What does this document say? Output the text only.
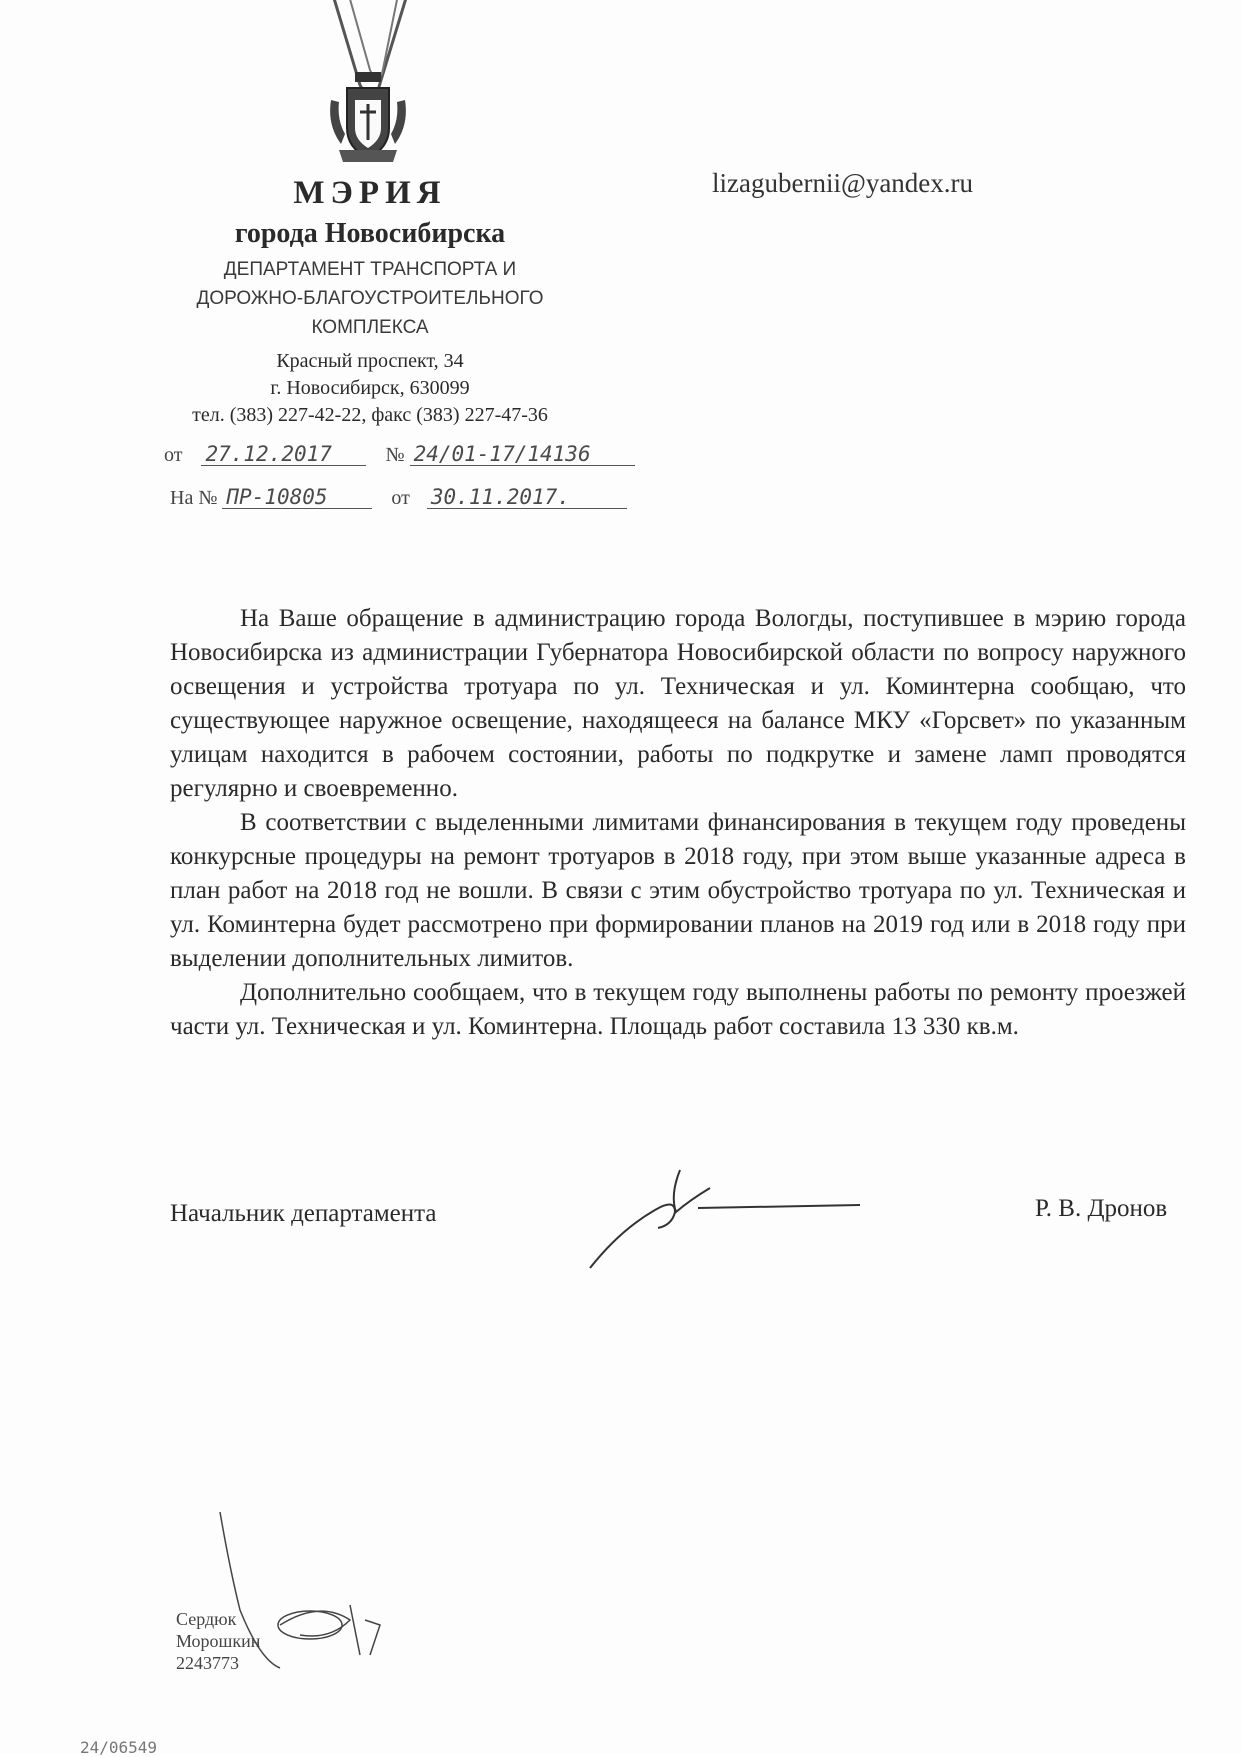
МЭРИЯ
города Новосибирска
ДЕПАРТАМЕНТ ТРАНСПОРТА И
ДОРОЖНО-БЛАГОУСТРОИТЕЛЬНОГО
КОМПЛЕКСА
Красный проспект, 34
г. Новосибирск, 630099
тел. (383) 227-42-22, факс (383) 227-47-36
lizagubernii@yandex.ru
от 27.12.2017	№ 24/01-17/14136
На № ПР-10805	от 30.11.2017.

На Ваше обращение в администрацию города Вологды, поступившее в мэрию города Новосибирска из администрации Губернатора Новосибирской области по вопросу наружного освещения и устройства тротуара по ул. Техническая и ул. Коминтерна сообщаю, что существующее наружное освещение, находящееся на балансе МКУ «Горсвет» по указанным улицам находится в рабочем состоянии, работы по подкрутке и замене ламп проводятся регулярно и своевременно.

В соответствии с выделенными лимитами финансирования в текущем году проведены конкурсные процедуры на ремонт тротуаров в 2018 году, при этом выше указанные адреса в план работ на 2018 год не вошли. В связи с этим обустройство тротуара по ул. Техническая и ул. Коминтерна будет рассмотрено при формировании планов на 2019 год или в 2018 году при выделении дополнительных лимитов.

Дополнительно сообщаем, что в текущем году выполнены работы по ремонту проезжей части ул. Техническая и ул. Коминтерна. Площадь работ составила 13 330 кв.м.

Начальник департамента	Р. В. Дронов
Сердюк
Морошкин
2243773
24/06549
